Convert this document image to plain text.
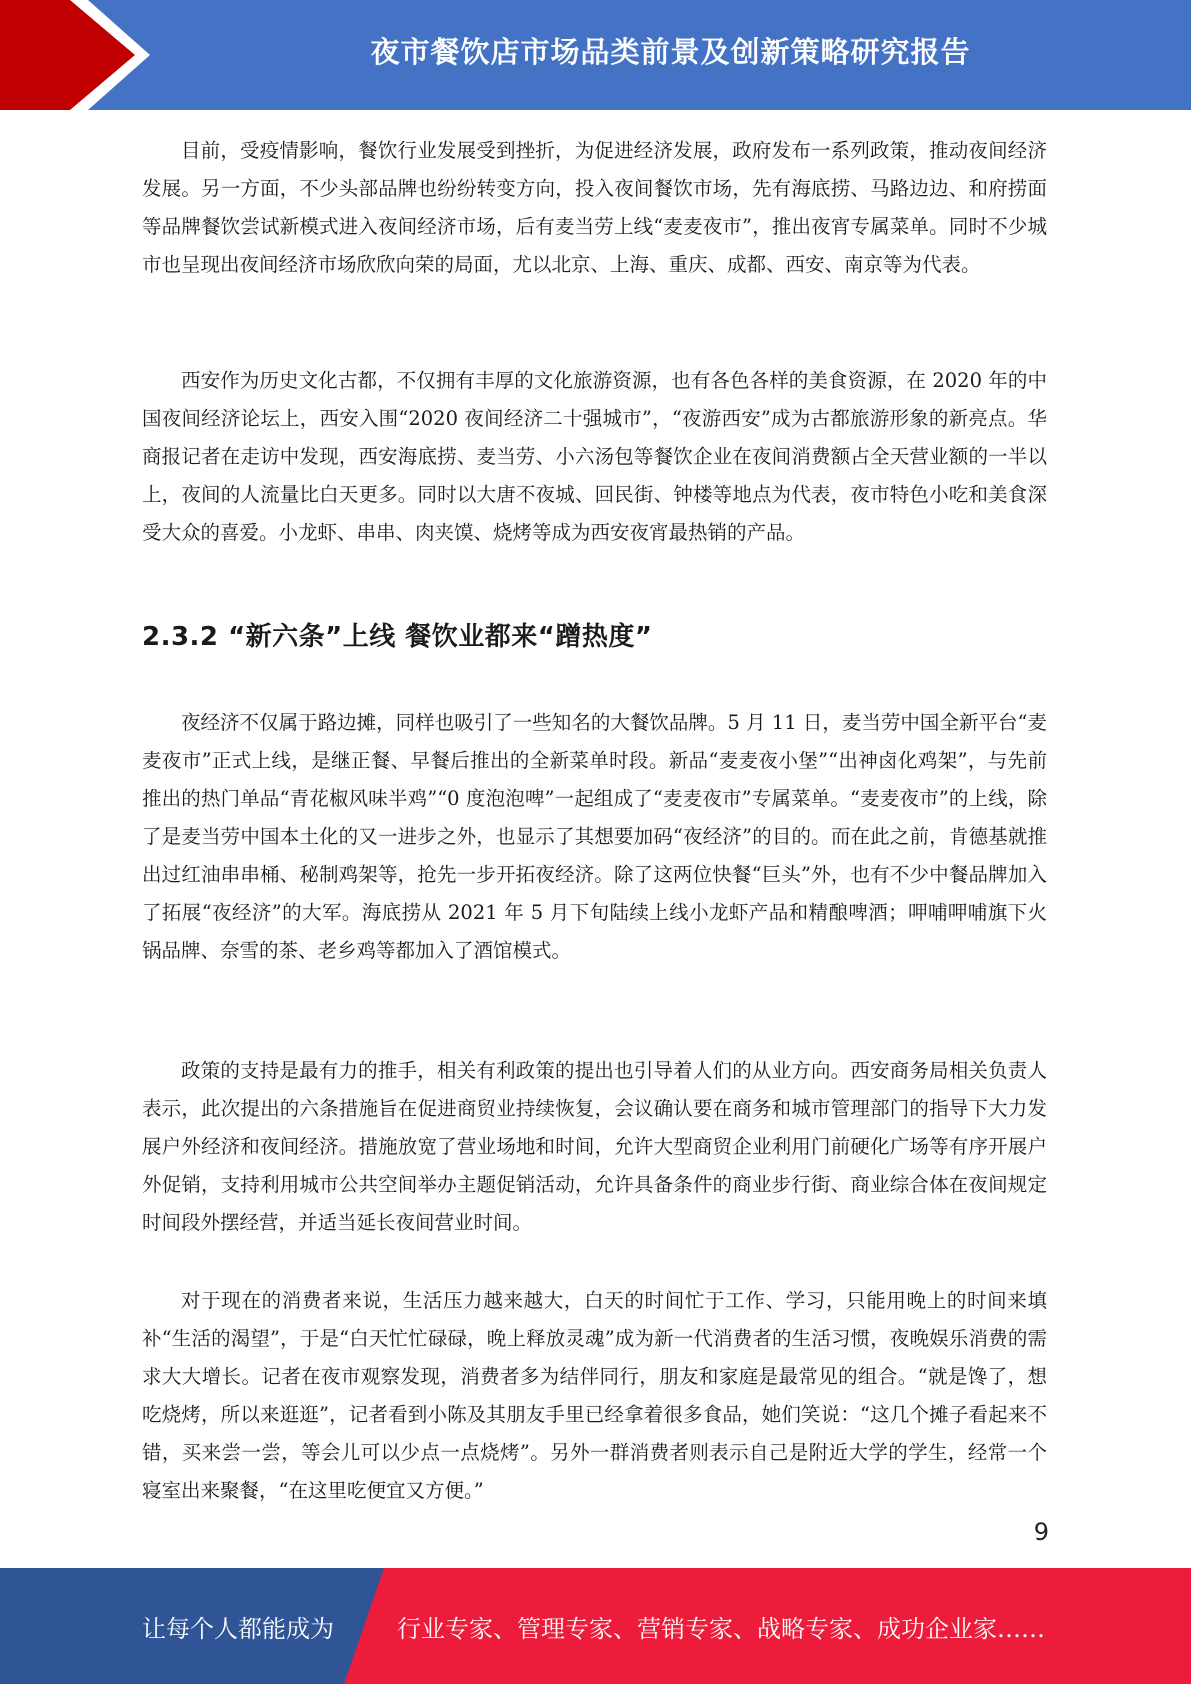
夜市餐饮店市场品类前景及创新策略研究报告

目前，受疫情影响，餐饮行业发展受到挫折，为促进经济发展，政府发布一系列政策，推动夜间经济发展。另一方面，不少头部品牌也纷纷转变方向，投入夜间餐饮市场，先有海底捞、马路边边、和府捞面等品牌餐饮尝试新模式进入夜间经济市场，后有麦当劳上线“麦麦夜市”，推出夜宵专属菜单。同时不少城市也呈现出夜间经济市场欣欣向荣的局面，尤以北京、上海、重庆、成都、西安、南京等为代表。

西安作为历史文化古都，不仅拥有丰厚的文化旅游资源，也有各色各样的美食资源，在 2020 年的中国夜间经济论坛上，西安入围“2020 夜间经济二十强城市”，“夜游西安”成为古都旅游形象的新亮点。华商报记者在走访中发现，西安海底捞、麦当劳、小六汤包等餐饮企业在夜间消费额占全天营业额的一半以上，夜间的人流量比白天更多。同时以大唐不夜城、回民街、钟楼等地点为代表，夜市特色小吃和美食深受大众的喜爱。小龙虾、串串、肉夹馍、烧烤等成为西安夜宵最热销的产品。

2.3.2 “新六条”上线 餐饮业都来“蹭热度”

夜经济不仅属于路边摊，同样也吸引了一些知名的大餐饮品牌。5 月 11 日，麦当劳中国全新平台“麦麦夜市”正式上线，是继正餐、早餐后推出的全新菜单时段。新品“麦麦夜小堡”“出神卤化鸡架”，与先前推出的热门单品“青花椒风味半鸡”“0 度泡泡啤”一起组成了“麦麦夜市”专属菜单。“麦麦夜市”的上线，除了是麦当劳中国本土化的又一进步之外，也显示了其想要加码“夜经济”的目的。而在此之前，肯德基就推出过红油串串桶、秘制鸡架等，抢先一步开拓夜经济。除了这两位快餐“巨头”外，也有不少中餐品牌加入了拓展“夜经济”的大军。海底捞从 2021 年 5 月下旬陆续上线小龙虾产品和精酿啤酒；呷哺呷哺旗下火锅品牌、奈雪的茶、老乡鸡等都加入了酒馆模式。

政策的支持是最有力的推手，相关有利政策的提出也引导着人们的从业方向。西安商务局相关负责人表示，此次提出的六条措施旨在促进商贸业持续恢复，会议确认要在商务和城市管理部门的指导下大力发展户外经济和夜间经济。措施放宽了营业场地和时间，允许大型商贸企业利用门前硬化广场等有序开展户外促销，支持利用城市公共空间举办主题促销活动，允许具备条件的商业步行街、商业综合体在夜间规定时间段外摆经营，并适当延长夜间营业时间。

对于现在的消费者来说，生活压力越来越大，白天的时间忙于工作、学习，只能用晚上的时间来填补“生活的渴望”，于是“白天忙忙碌碌，晚上释放灵魂”成为新一代消费者的生活习惯，夜晚娱乐消费的需求大大增长。记者在夜市观察发现，消费者多为结伴同行，朋友和家庭是最常见的组合。“就是馋了，想吃烧烤，所以来逛逛”，记者看到小陈及其朋友手里已经拿着很多食品，她们笑说：“这几个摊子看起来不错，买来尝一尝，等会儿可以少点一点烧烤”。另外一群消费者则表示自己是附近大学的学生，经常一个寝室出来聚餐，“在这里吃便宜又方便。”

9
让每个人都能成为	行业专家、管理专家、营销专家、战略专家、成功企业家……
